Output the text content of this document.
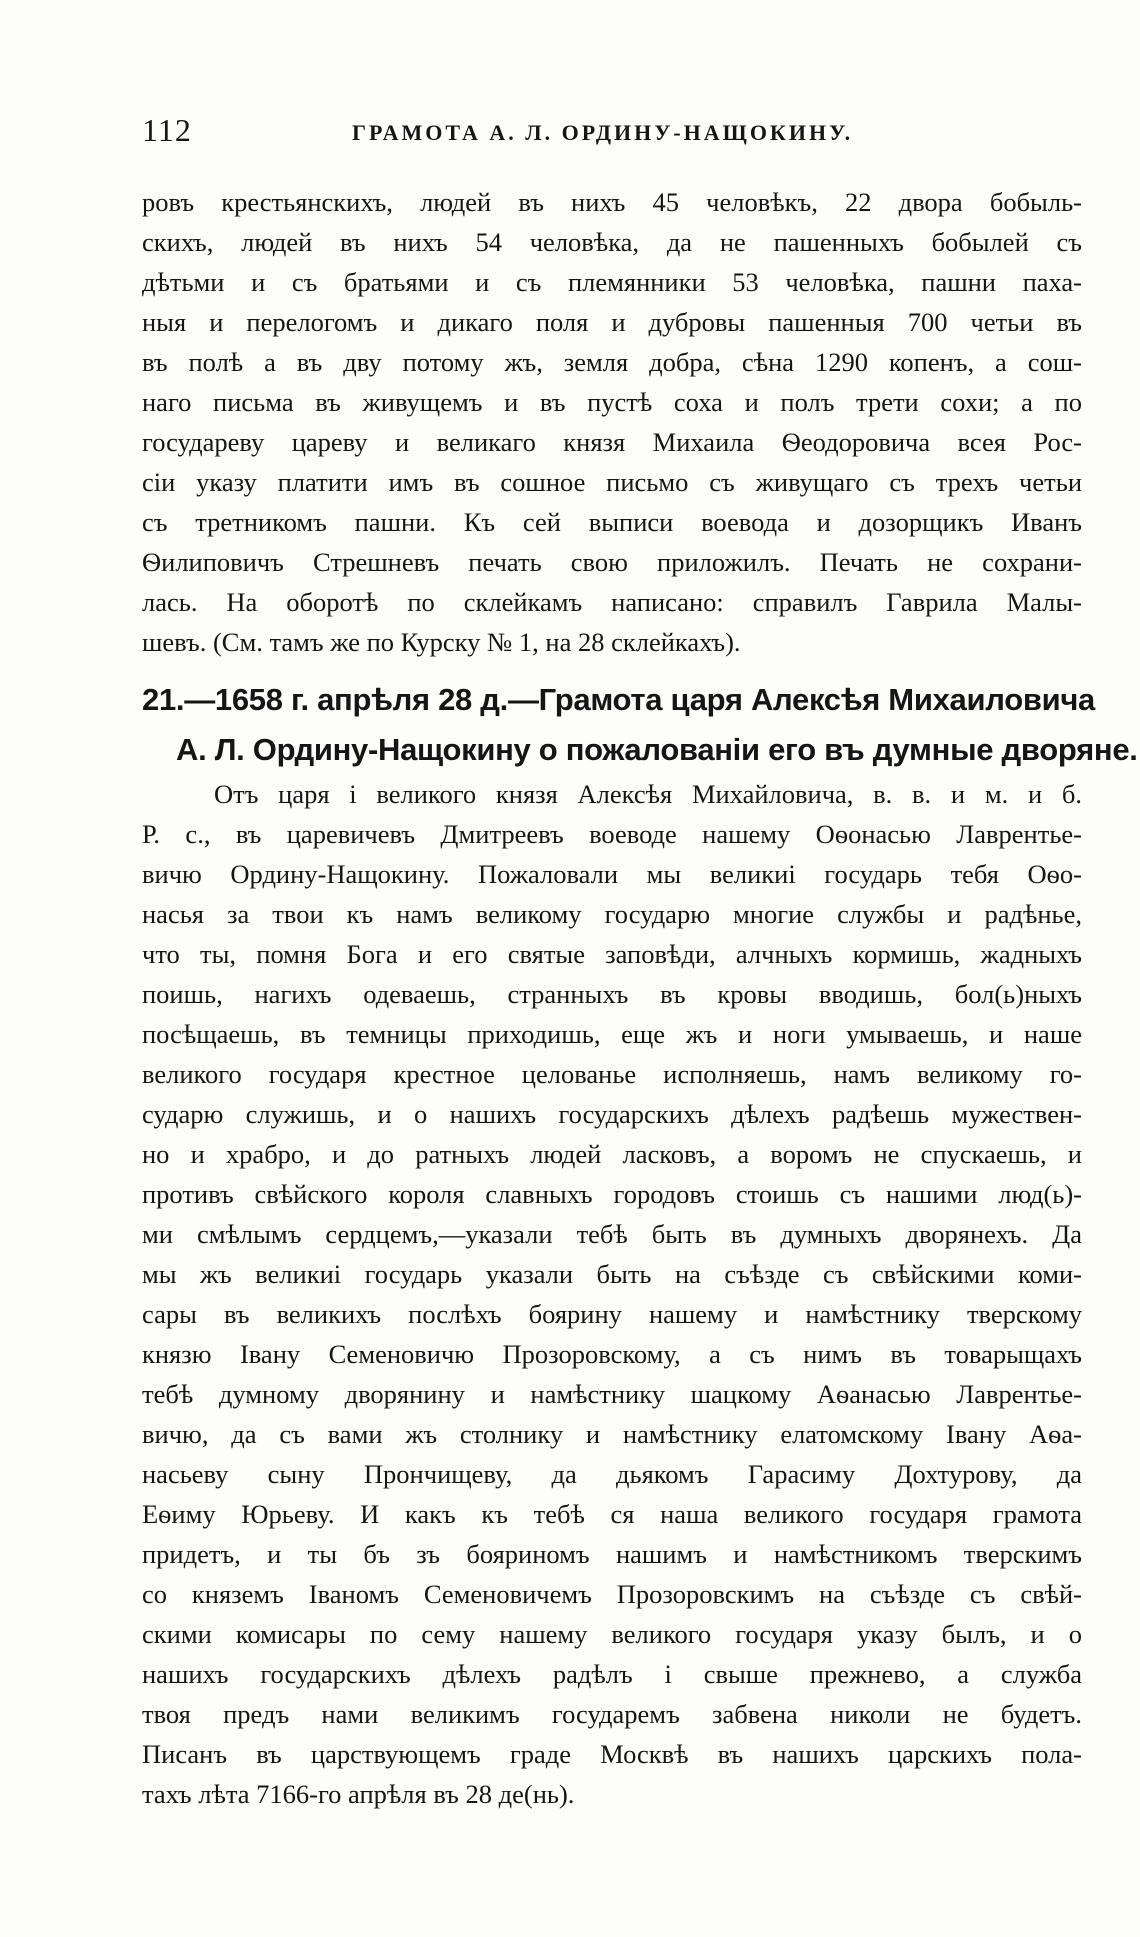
112	ГРАМОТА А. Л. ОРДИНУ-НАЩОКИНУ.
ровъ крестьянскихъ, людей въ нихъ 45 человѣкъ, 22 двора бобыль-
скихъ, людей въ нихъ 54 человѣка, да не пашенныхъ бобылей съ
дѣтьми и съ братьями и съ племянники 53 человѣка, пашни паха-
ныя и перелогомъ и дикаго поля и дубровы пашенныя 700 четьи въ
въ полѣ а въ дву потому жъ, земля добра, сѣна 1290 копенъ, а сош-
наго письма въ живущемъ и въ пустѣ соха и полъ трети сохи; а по
государеву цареву и великаго князя Михаила Ѳеодоровича всея Рос-
сіи указу платити имъ въ сошное письмо съ живущаго съ трехъ четьи
съ третникомъ пашни. Къ сей выписи воевода и дозорщикъ Иванъ
Ѳилиповичъ Стрешневъ печать свою приложилъ. Печать не сохрани-
лась. На оборотѣ по склейкамъ написано: справилъ Гаврила Малы-
шевъ. (См. тамъ же по Курску № 1, на 28 склейкахъ).
21.—1658 г. апрѣля 28 д.—Грамота царя Алексѣя Михаиловича
А. Л. Ордину-Нащокину о пожалованіи его въ думные дворяне.
Отъ царя і великого князя Алексѣя Михайловича, в. в. и м. и б.
Р. с., въ царевичевъ Дмитреевъ воеводе нашему Оѳонасью Лаврентье-
вичю Ордину-Нащокину. Пожаловали мы великиі государь тебя Оѳо-
насья за твои къ намъ великому государю многие службы и радѣнье,
что ты, помня Бога и его святые заповѣди, алчныхъ кормишь, жадныхъ
поишь, нагихъ одеваешь, странныхъ въ кровы вводишь, бол(ь)ныхъ
посѣщаешь, въ темницы приходишь, еще жъ и ноги умываешь, и наше
великого государя крестное целованье исполняешь, намъ великому го-
сударю служишь, и о нашихъ государскихъ дѣлехъ радѣешь мужествен-
но и храбро, и до ратныхъ людей ласковъ, а воромъ не спускаешь, и
противъ свѣйского короля славныхъ городовъ стоишь съ нашими люд(ь)-
ми смѣлымъ сердцемъ,—указали тебѣ быть въ думныхъ дворянехъ. Да
мы жъ великиі государь указали быть на съѣзде съ свѣйскими коми-
сары въ великихъ послѣхъ боярину нашему и намѣстнику тверскому
князю Івану Семеновичю Прозоровскому, а съ нимъ въ товарыщахъ
тебѣ думному дворянину и намѣстнику шацкому Аѳанасью Лаврентье-
вичю, да съ вами жъ столнику и намѣстнику елатомскому Івану Аѳа-
насьеву сыну Прончищеву, да дьякомъ Гарасиму Дохтурову, да
Еѳиму Юрьеву. И какъ къ тебѣ ся наша великого государя грамота
придетъ, и ты бъ зъ бояриномъ нашимъ и намѣстникомъ тверскимъ
со княземъ Іваномъ Семеновичемъ Прозоровскимъ на съѣзде съ свѣй-
скими комисары по сему нашему великого государя указу былъ, и о
нашихъ государскихъ дѣлехъ радѣлъ і свыше прежнево, а служба
твоя предъ нами великимъ государемъ забвена николи не будетъ.
Писанъ въ царствующемъ граде Москвѣ въ нашихъ царскихъ пола-
тахъ лѣта 7166-го апрѣля въ 28 де(нь).
